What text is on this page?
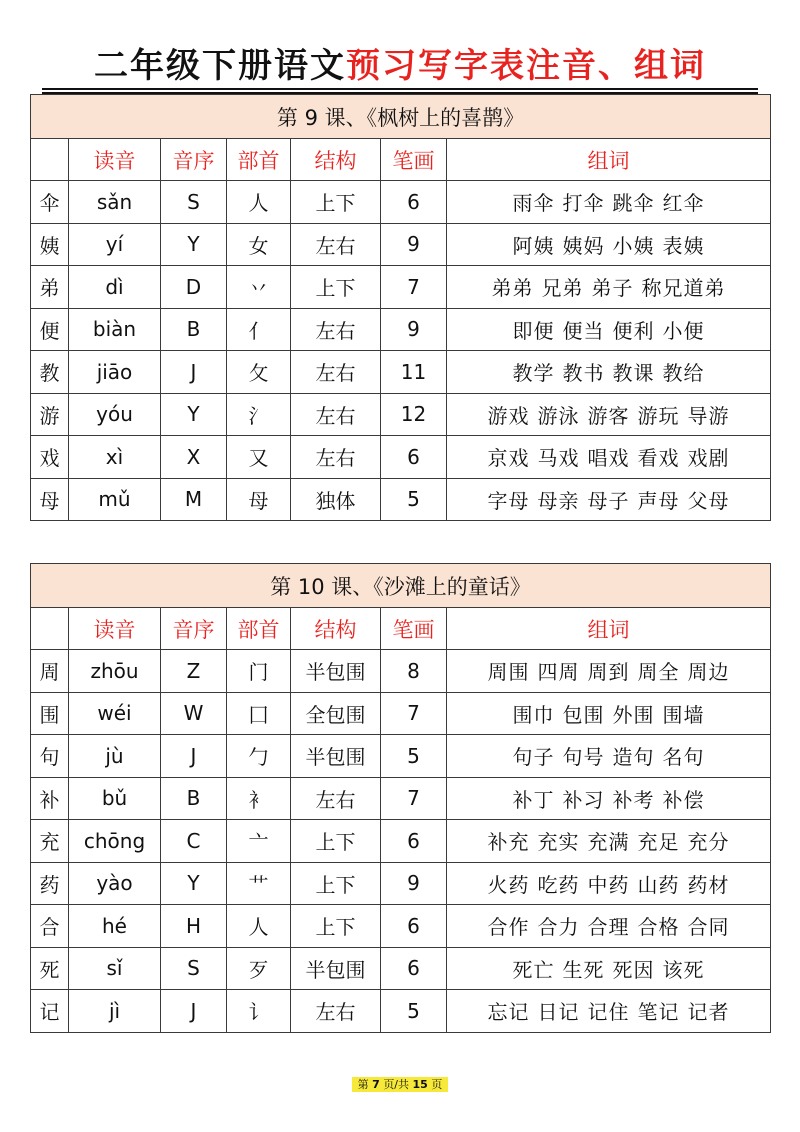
二年级下册语文预习写字表注音、组词
第 9 课、《枫树上的喜鹊》						
	读音	音序	部首	结构	笔画	组词
伞	sǎn	S	人	上下	6	雨伞 打伞 跳伞 红伞
姨	yí	Y	女	左右	9	阿姨 姨妈 小姨 表姨
弟	dì	D	丷	上下	7	弟弟 兄弟 弟子 称兄道弟
便	biàn	B	亻	左右	9	即便 便当 便利 小便
教	jiāo	J	攵	左右	11	教学 教书 教课 教给
游	yóu	Y	氵	左右	12	游戏 游泳 游客 游玩 导游
戏	xì	X	又	左右	6	京戏 马戏 唱戏 看戏 戏剧
母	mǔ	M	母	独体	5	字母 母亲 母子 声母 父母
第 10 课、《沙滩上的童话》						
	读音	音序	部首	结构	笔画	组词
周	zhōu	Z	门	半包围	8	周围 四周 周到 周全 周边
围	wéi	W	囗	全包围	7	围巾 包围 外围 围墙
句	jù	J	勹	半包围	5	句子 句号 造句 名句
补	bǔ	B	衤	左右	7	补丁 补习 补考 补偿
充	chōng	C	亠	上下	6	补充 充实 充满 充足 充分
药	yào	Y	艹	上下	9	火药 吃药 中药 山药 药材
合	hé	H	人	上下	6	合作 合力 合理 合格 合同
死	sǐ	S	歹	半包围	6	死亡 生死 死因 该死
记	jì	J	讠	左右	5	忘记 日记 记住 笔记 记者
第 7 页/共 15 页
